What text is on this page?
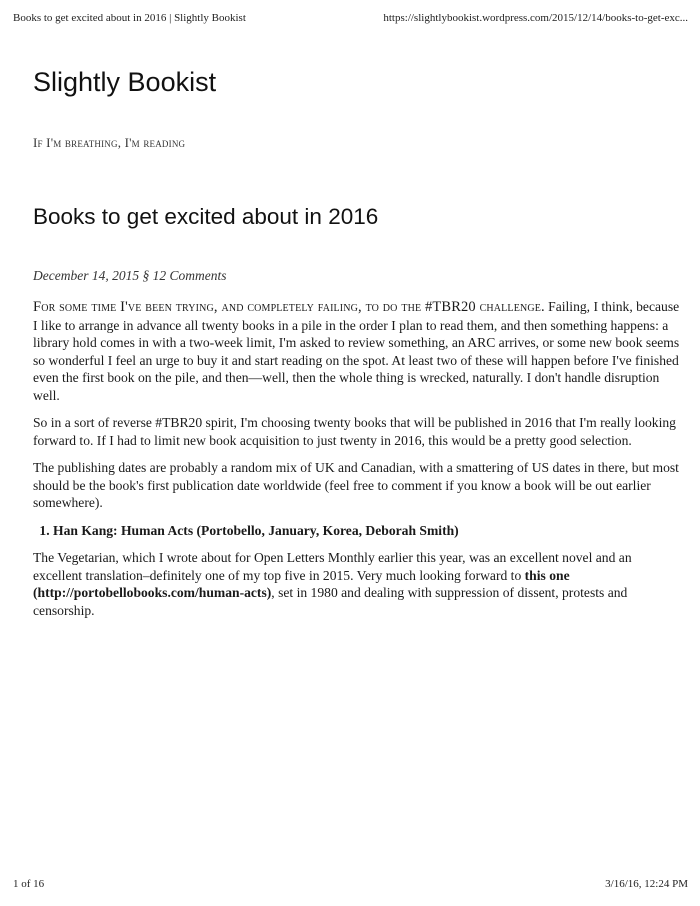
Books to get excited about in 2016 | Slightly Bookist	https://slightlybookist.wordpress.com/2015/12/14/books-to-get-exc...
Slightly Bookist

If I'm breathing, I'm reading

Books to get excited about in 2016

December 14, 2015 § 12 Comments

For some time I've been trying, and completely failing, to do the #TBR20 challenge. Failing, I think, because I like to arrange in advance all twenty books in a pile in the order I plan to read them, and then something happens: a library hold comes in with a two-week limit, I'm asked to review something, an ARC arrives, or some new book seems so wonderful I feel an urge to buy it and start reading on the spot. At least two of these will happen before I've finished even the first book on the pile, and then—well, then the whole thing is wrecked, naturally. I don't handle disruption well.

So in a sort of reverse #TBR20 spirit, I'm choosing twenty books that will be published in 2016 that I'm really looking forward to. If I had to limit new book acquisition to just twenty in 2016, this would be a pretty good selection.

The publishing dates are probably a random mix of UK and Canadian, with a smattering of US dates in there, but most should be the book's first publication date worldwide (feel free to comment if you know a book will be out earlier somewhere).

1. Han Kang: Human Acts (Portobello, January, Korea, Deborah Smith)

The Vegetarian, which I wrote about for Open Letters Monthly earlier this year, was an excellent novel and an excellent translation–definitely one of my top five in 2015. Very much looking forward to this one (http://portobellobooks.com/human-acts), set in 1980 and dealing with suppression of dissent, protests and censorship.

1 of 16	3/16/16, 12:24 PM
